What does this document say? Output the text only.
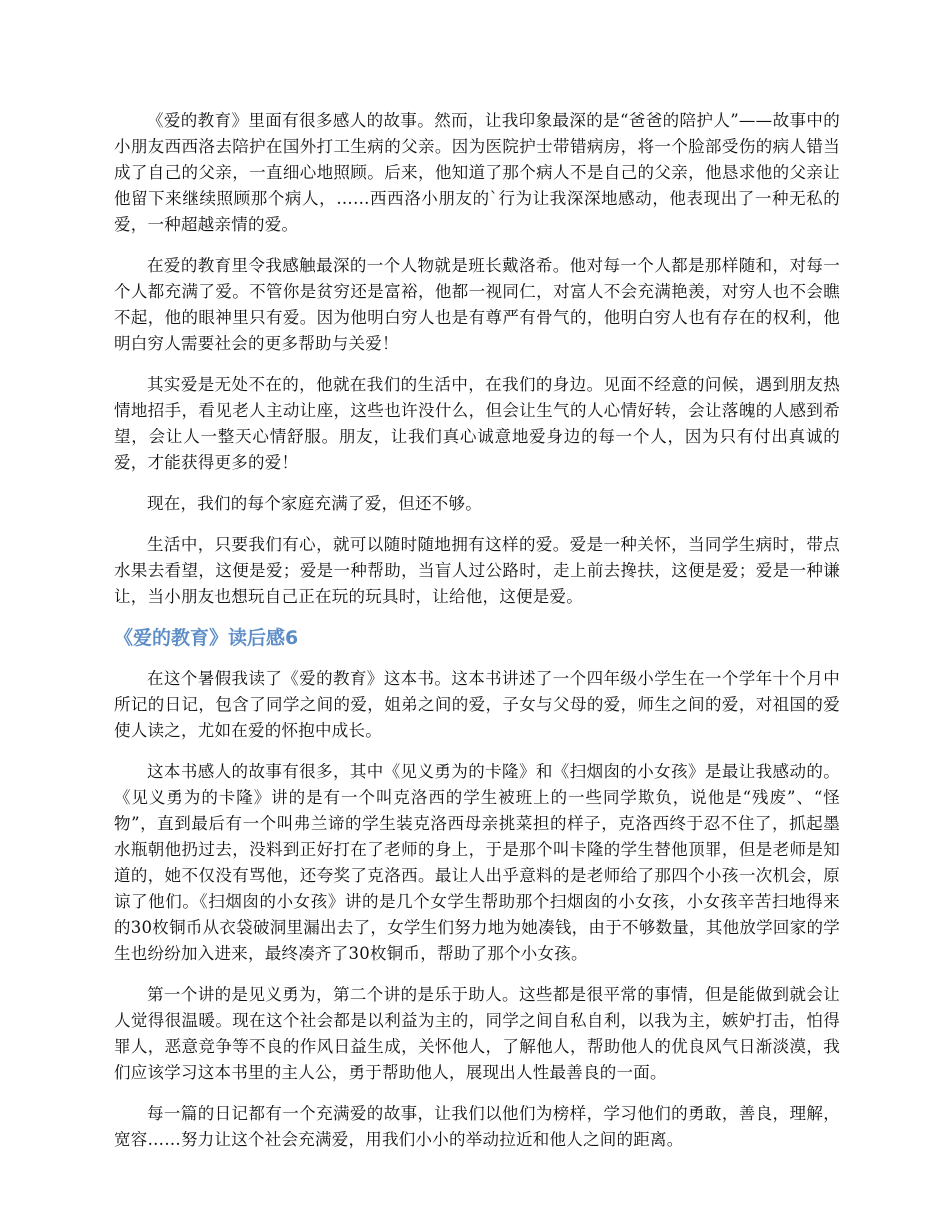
《爱的教育》里面有很多感人的故事。然而，让我印象最深的是“爸爸的陪护人”——故事中的小朋友西西洛去陪护在国外打工生病的父亲。因为医院护士带错病房，将一个脸部受伤的病人错当成了自己的父亲，一直细心地照顾。后来，他知道了那个病人不是自己的父亲，他恳求他的父亲让他留下来继续照顾那个病人，……西西洛小朋友的`行为让我深深地感动，他表现出了一种无私的爱，一种超越亲情的爱。

在爱的教育里令我感触最深的一个人物就是班长戴洛希。他对每一个人都是那样随和，对每一个人都充满了爱。不管你是贫穷还是富裕，他都一视同仁，对富人不会充满艳羡，对穷人也不会瞧不起，他的眼神里只有爱。因为他明白穷人也是有尊严有骨气的，他明白穷人也有存在的权利，他明白穷人需要社会的更多帮助与关爱！

其实爱是无处不在的，他就在我们的生活中，在我们的身边。见面不经意的问候，遇到朋友热情地招手，看见老人主动让座，这些也许没什么，但会让生气的人心情好转，会让落魄的人感到希望，会让人一整天心情舒服。朋友，让我们真心诚意地爱身边的每一个人，因为只有付出真诚的爱，才能获得更多的爱！

现在，我们的每个家庭充满了爱，但还不够。

生活中，只要我们有心，就可以随时随地拥有这样的爱。爱是一种关怀，当同学生病时，带点水果去看望，这便是爱；爱是一种帮助，当盲人过公路时，走上前去搀扶，这便是爱；爱是一种谦让，当小朋友也想玩自己正在玩的玩具时，让给他，这便是爱。

《爱的教育》读后感6

在这个暑假我读了《爱的教育》这本书。这本书讲述了一个四年级小学生在一个学年十个月中所记的日记，包含了同学之间的爱，姐弟之间的爱，子女与父母的爱，师生之间的爱，对祖国的爱使人读之，尤如在爱的怀抱中成长。

这本书感人的故事有很多，其中《见义勇为的卡隆》和《扫烟囱的小女孩》是最让我感动的。《见义勇为的卡隆》讲的是有一个叫克洛西的学生被班上的一些同学欺负，说他是“残废”、“怪物”，直到最后有一个叫弗兰谛的学生装克洛西母亲挑菜担的样子，克洛西终于忍不住了，抓起墨水瓶朝他扔过去，没料到正好打在了老师的身上，于是那个叫卡隆的学生替他顶罪，但是老师是知道的，她不仅没有骂他，还夸奖了克洛西。最让人出乎意料的是老师给了那四个小孩一次机会，原谅了他们。《扫烟囱的小女孩》讲的是几个女学生帮助那个扫烟囱的小女孩，小女孩辛苦扫地得来的30枚铜币从衣袋破洞里漏出去了，女学生们努力地为她凑钱，由于不够数量，其他放学回家的学生也纷纷加入进来，最终凑齐了30枚铜币，帮助了那个小女孩。

第一个讲的是见义勇为，第二个讲的是乐于助人。这些都是很平常的事情，但是能做到就会让人觉得很温暖。现在这个社会都是以利益为主的，同学之间自私自利，以我为主，嫉妒打击，怕得罪人，恶意竞争等不良的作风日益生成，关怀他人，了解他人，帮助他人的优良风气日渐淡漠，我们应该学习这本书里的主人公，勇于帮助他人，展现出人性最善良的一面。

每一篇的日记都有一个充满爱的故事，让我们以他们为榜样，学习他们的勇敢，善良，理解，宽容……努力让这个社会充满爱，用我们小小的举动拉近和他人之间的距离。
